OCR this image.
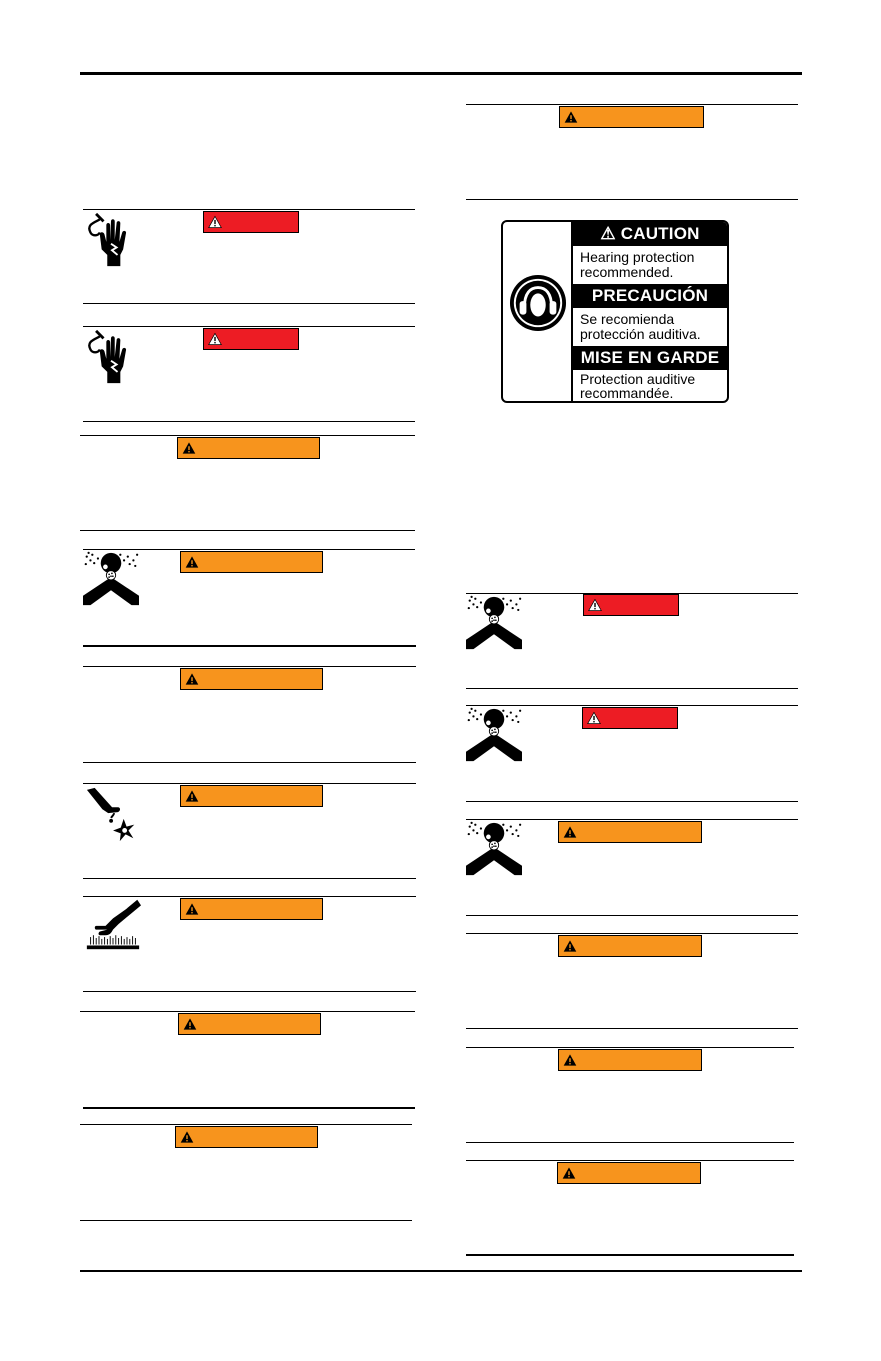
⚠ CAUTION
Hearing protection
recommended.
PRECAUCIÓN
Se recomienda
protección auditiva.
MISE EN GARDE
Protection auditive
recommandée.
